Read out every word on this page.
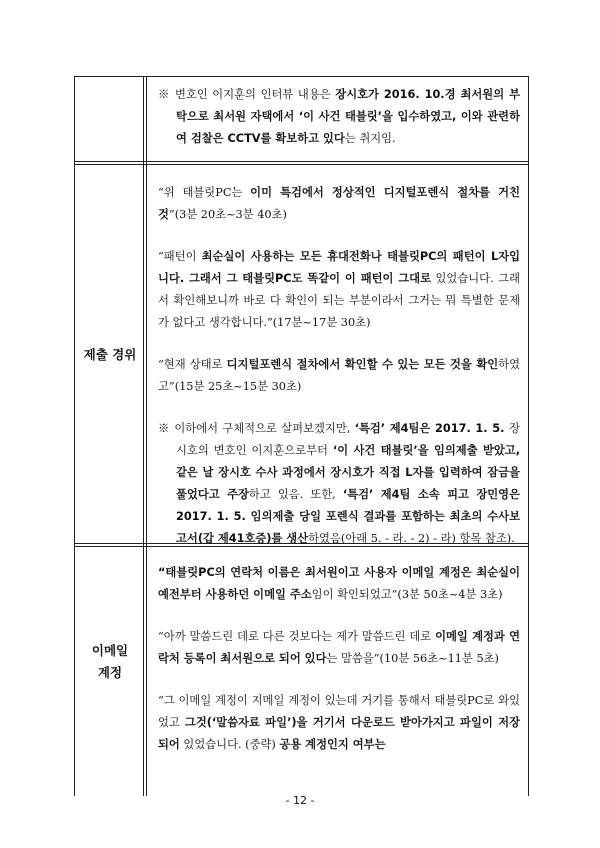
※ 변호인 이지훈의 인터뷰 내용은 장시호가 2016. 10.경 최서원의 부탁으로 최서원 자택에서 ‘이 사건 태블릿’을 입수하였고, 이와 관련하여 검찰은 CCTV를 확보하고 있다는 취지임.

제출 경위

“위 태블릿PC는 이미 특검에서 정상적인 디지털포렌식 절차를 거친 것”(3분 20초~3분 40초)

“패턴이 최순실이 사용하는 모든 휴대전화나 태블릿PC의 패턴이 L자입니다. 그래서 그 태블릿PC도 똑같이 이 패턴이 그대로 있었습니다. 그래서 확인해보니까 바로 다 확인이 되는 부분이라서 그거는 뭐 특별한 문제가 없다고 생각합니다.”(17분~17분 30초)

“현재 상태로 디지털포렌식 절차에서 확인할 수 있는 모든 것을 확인하였고”(15분 25초~15분 30초)

※ 이하에서 구체적으로 살펴보겠지만, ‘특검’ 제4팀은 2017. 1. 5. 장시호의 변호인 이지훈으로부터 ‘이 사건 태블릿’을 임의제출 받았고, 같은 날 장시호 수사 과정에서 장시호가 직접 L자를 입력하여 잠금을 풀었다고 주장하고 있음. 또한, ‘특검’ 제4팀 소속 피고 장민영은 2017. 1. 5. 임의제출 당일 포렌식 결과를 포함하는 최초의 수사보고서(갑 제41호증)를 생산하였음(아래 5. - 라. - 2) - 라) 항목 참조).

이메일
계정

“태블릿PC의 연락처 이름은 최서원이고 사용자 이메일 계정은 최순실이 예전부터 사용하던 이메일 주소임이 확인되었고”(3분 50초~4분 3초)

“아까 말씀드린 데로 다른 것보다는 제가 말씀드린 데로 이메일 계정과 연락처 등록이 최서원으로 되어 있다는 말씀을”(10분 56초~11분 5초)

“그 이메일 계정이 지메일 계정이 있는데 거기를 통해서 태블릿PC로 와있었고 그것(‘말씀자료 파일’)을 거기서 다운로드 받아가지고 파일이 저장되어 있었습니다. (중략) 공용 계정인지 여부는

- 12 -
